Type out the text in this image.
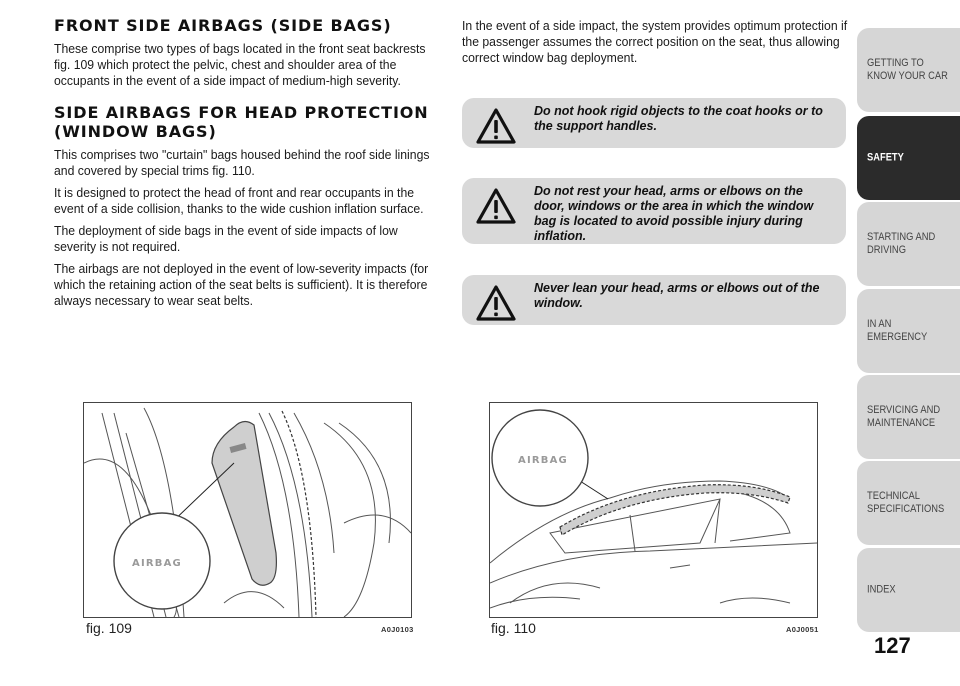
FRONT SIDE AIRBAGS (SIDE BAGS)

These comprise two types of bags located in the front seat backrests fig. 109 which protect the pelvic, chest and shoulder area of the occupants in the event of a side impact of medium-high severity.

SIDE AIRBAGS FOR HEAD PROTECTION (WINDOW BAGS)

This comprises two "curtain" bags housed behind the roof side linings and covered by special trims fig. 110.

It is designed to protect the head of front and rear occupants in the event of a side collision, thanks to the wide cushion inflation surface.

The deployment of side bags in the event of side impacts of low severity is not required.

The airbags are not deployed in the event of low-severity impacts (for which the retaining action of the seat belts is sufficient). It is therefore always necessary to wear seat belts.

In the event of a side impact, the system provides optimum protection if the passenger assumes the correct position on the seat, thus allowing correct window bag deployment.

Do not hook rigid objects to the coat hooks or to the support handles.
Do not rest your head, arms or elbows on the door, windows or the area in which the window bag is located to avoid possible injury during inflation.
Never lean your head, arms or elbows out of the window.
AIRBAG
fig. 109	A0J0103
AIRBAG
fig. 110	A0J0051
GETTING TO KNOW YOUR CAR
SAFETY
STARTING AND DRIVING
IN AN EMERGENCY
SERVICING AND MAINTENANCE
TECHNICAL SPECIFICATIONS
INDEX
127
